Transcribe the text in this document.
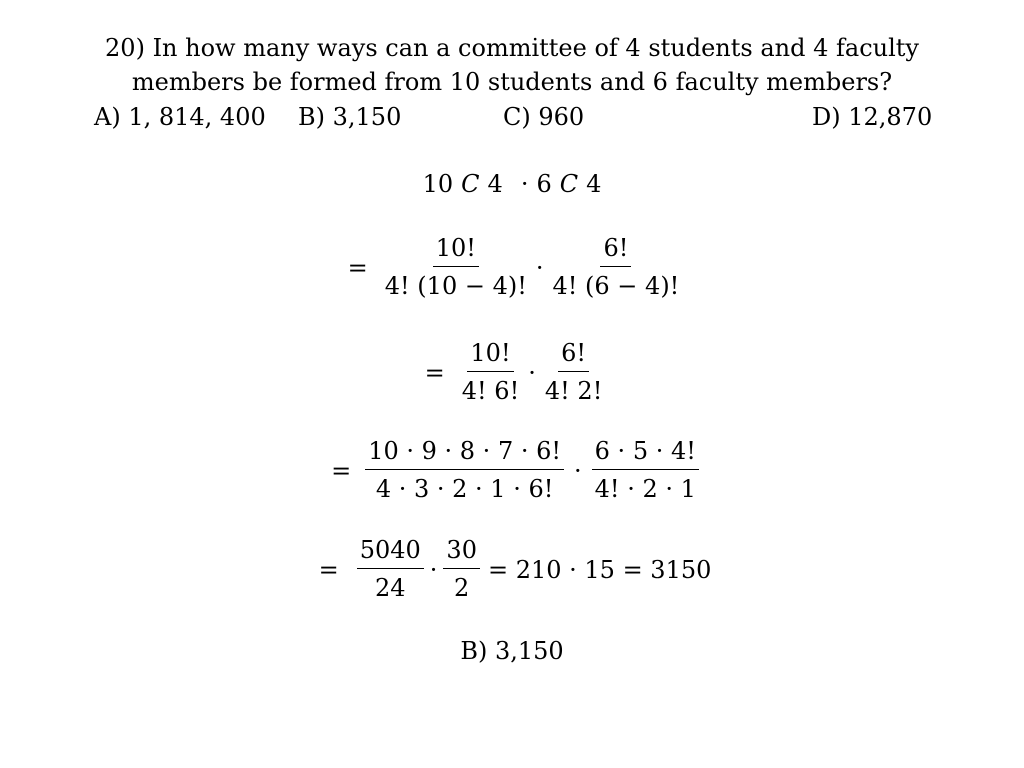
20) In how many ways can a committee of 4 students and 4 faculty
members be formed from 10 students and 6 faculty members?
A) 1, 814, 400 B) 3,150	C) 960	D) 12,870
10 C 4 · 6 C 4
= $\frac{10!}{4! (10 - 4)!} \cdot \frac{6!}{4! (6 - 4)!}$
= $\frac{10!}{4! 6!} \cdot \frac{6!}{4! 2!}$
= $\frac{10 \cdot 9 \cdot 8 \cdot 7 \cdot 6!}{4 \cdot 3 \cdot 2 \cdot 1 \cdot 6!} \cdot \frac{6 \cdot 5 \cdot 4!}{4! \cdot 2 \cdot 1}$
= $\frac{5040}{24} \cdot \frac{30}{2} = 210 \cdot 15 = 3150$
B) 3,150
